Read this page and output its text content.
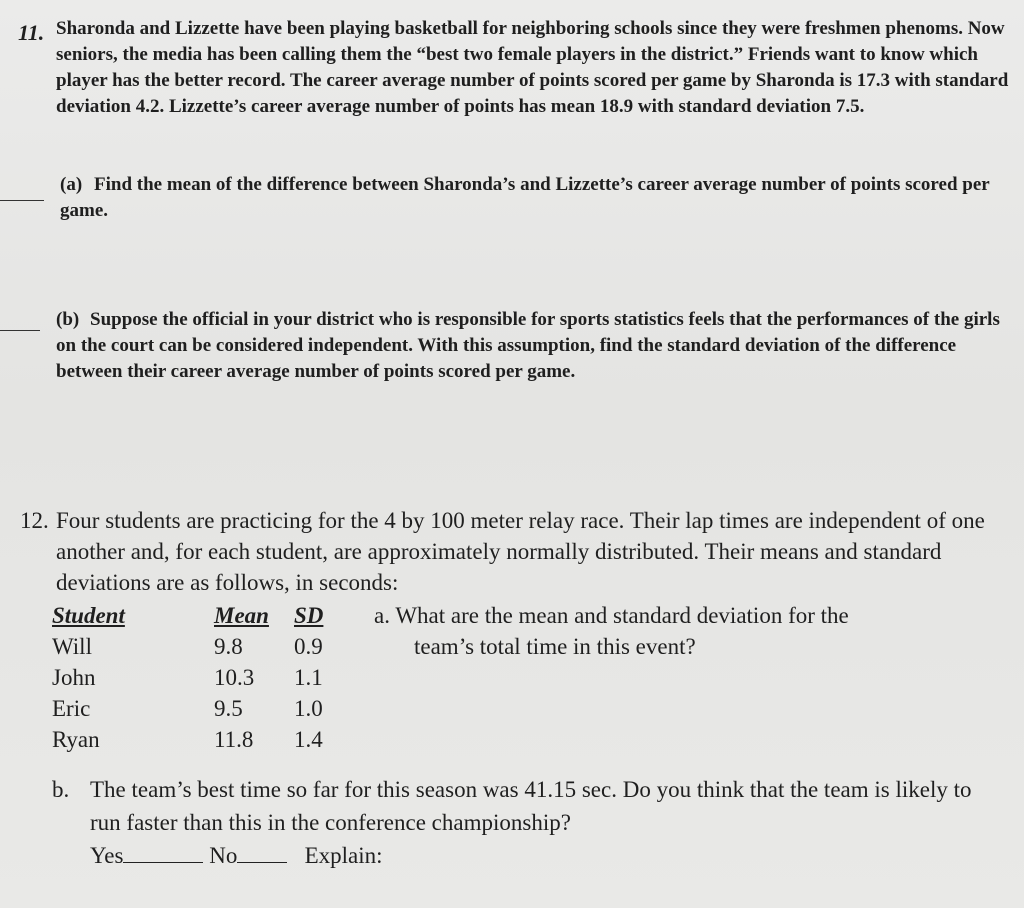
11. Sharonda and Lizzette have been playing basketball for neighboring schools since they were freshmen phenoms. Now seniors, the media has been calling them the “best two female players in the district.” Friends want to know which player has the better record. The career average number of points scored per game by Sharonda is 17.3 with standard deviation 4.2. Lizzette’s career average number of points has mean 18.9 with standard deviation 7.5.
(a) Find the mean of the difference between Sharonda’s and Lizzette’s career average number of points scored per game.
(b) Suppose the official in your district who is responsible for sports statistics feels that the performances of the girls on the court can be considered independent. With this assumption, find the standard deviation of the difference between their career average number of points scored per game.
12. Four students are practicing for the 4 by 100 meter relay race. Their lap times are independent of one another and, for each student, are approximately normally distributed. Their means and standard deviations are as follows, in seconds:
Student	Mean SD
Will	9.8 0.9
John	10.3 1.1
Eric	9.5 1.0
Ryan	11.8 1.4
a. What are the mean and standard deviation for the
team’s total time in this event?
b. The team’s best time so far for this season was 41.15 sec. Do you think that the team is likely to run faster than this in the conference championship?
Yes	No	Explain:
